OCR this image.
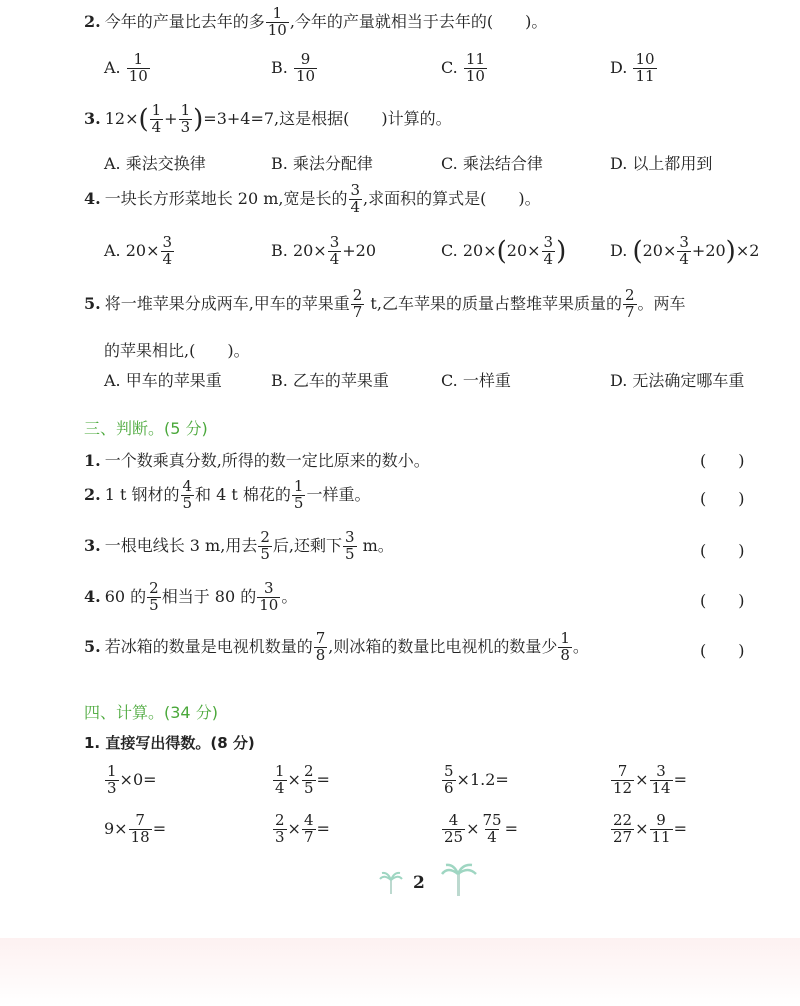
2. 今年的产量比去年的多 $\frac{1}{10}$ ,今年的产量就相当于去年的(　　)。
A. $\frac{1}{10}$	B. $\frac{9}{10}$	C. $\frac{11}{10}$	D. $\frac{10}{11}$
3. $12\times( \frac{1}{4} + \frac{1}{3} )=3+4=7$,这是根据(　　)计算的。
A. 乘法交换律	B. 乘法分配律	C. 乘法结合律	D. 以上都用到
4. 一块长方形菜地长 20 m,宽是长的 $\frac{3}{4}$ ,求面积的算式是(　　)。
A. $20\times \frac{3}{4}$	B. $20\times \frac{3}{4} +20$	C. $20\times(20\times \frac{3}{4}$ )	D. $(20\times \frac{3}{4} +20)\times 2$
5. 将一堆苹果分成两车,甲车的苹果重 $\frac{2}{7} t$,乙车苹果的质量占整堆苹果质量的 $\frac{2}{7}$ 。两车
的苹果相比,(　　)。
A. 甲车的苹果重	B. 乙车的苹果重	C. 一样重	D. 无法确定哪车重
三、判断。(5 分)
1. 一个数乘真分数,所得的数一定比原来的数小。	(　　)
2. 1 t 钢材的 $\frac{4}{5}$ 和 4 t 棉花的 $\frac{1}{5}$ 一样重。	(　　)
3. 一根电线长 3 m,用去 $\frac{2}{5}$ 后,还剩下 $\frac{3}{5}$ m。	(　　)
4. 60 的 $\frac{2}{5}$ 相当于 80 的 $\frac{3}{10}$ 。	(　　)
5. 若冰箱的数量是电视机数量的 $\frac{7}{8}$ ,则冰箱的数量比电视机的数量少 $\frac{1}{8}$ 。	(　　)
四、计算。(34 分)
1. 直接写出得数。(8 分)
$\frac{1}{3} \times 0=$	$\frac{1}{4} \times \frac{2}{5}$ =	$\frac{5}{6} \times 1.2=$	$\frac{7}{12} \times \frac{3}{14}$ =
$9\times \frac{7}{18}$ =	$\frac{2}{3} \times \frac{4}{7}$ =	$\frac{4}{25} \times \frac{75}{4}$ =	$\frac{22}{27} \times \frac{9}{11}$ =
2
